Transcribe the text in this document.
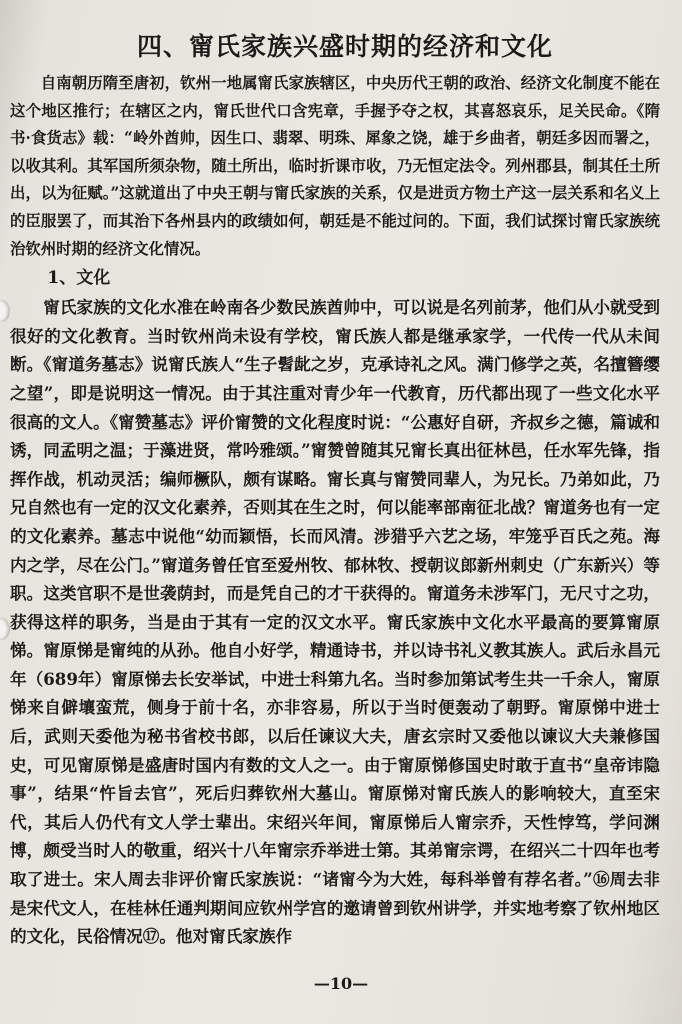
四、甯氏家族兴盛时期的经济和文化

自南朝历隋至唐初，钦州一地属甯氏家族辖区，中央历代王朝的政治、经济文化制度不能在这个地区推行；在辖区之内，甯氏世代口含宪章，手握予夺之权，其喜怒哀乐，足关民命。《隋书·食货志》载：“岭外酋帅，因生口、翡翠、明珠、犀象之饶，雄于乡曲者，朝廷多因而署之，以收其利。其军国所须杂物，随土所出，临时折课市收，乃无恒定法令。列州郡县，制其任土所出，以为征赋。”这就道出了中央王朝与甯氏家族的关系，仅是进贡方物土产这一层关系和名义上的臣服罢了，而其治下各州县内的政绩如何，朝廷是不能过问的。下面，我们试探讨甯氏家族统治钦州时期的经济文化情况。

1、文化

甯氏家族的文化水准在岭南各少数民族酋帅中，可以说是名列前茅，他们从小就受到很好的文化教育。当时钦州尚未设有学校，甯氏族人都是继承家学，一代传一代从未间断。《甯道务墓志》说甯氏族人“生子髫龀之岁，克承诗礼之风。满门修学之英，名擅簪缨之望”，即是说明这一情况。由于其注重对青少年一代教育，历代都出现了一些文化水平很高的文人。《甯赞墓志》评价甯赞的文化程度时说：“公惠好自研，齐叔乡之德，篇诚和诱，同孟明之温；于藻进贤，常吟雅颂。”甯赞曾随其兄甯长真出征林邑，任水军先锋，指挥作战，机动灵活；编师橛队，颇有谋略。甯长真与甯赞同辈人，为兄长。乃弟如此，乃兄自然也有一定的汉文化素养，否则其在生之时，何以能率部南征北战？甯道务也有一定的文化素养。墓志中说他“幼而颖悟，长而风清。涉猎乎六艺之场，牢笼乎百氏之苑。海内之学，尽在公门。”甯道务曾任官至爱州牧、郁林牧、授朝议郎新州刺史（广东新兴）等职。这类官职不是世袭荫封，而是凭自己的才干获得的。甯道务未涉军门，无尺寸之功，获得这样的职务，当是由于其有一定的汉文水平。甯氏家族中文化水平最高的要算甯原悌。甯原悌是甯纯的从孙。他自小好学，精通诗书，并以诗书礼义教其族人。武后永昌元年（689年）甯原悌去长安举试，中进士科第九名。当时参加第试考生共一千余人，甯原悌来自僻壤蛮荒，侧身于前十名，亦非容易，所以于当时便轰动了朝野。甯原悌中进士后，武则天委他为秘书省校书郎，以后任谏议大夫，唐玄宗时又委他以谏议大夫兼修国史，可见甯原悌是盛唐时国内有数的文人之一。由于甯原悌修国史时敢于直书“皇帝讳隐事”，结果“忤旨去官”，死后归葬钦州大墓山。甯原悌对甯氏族人的影响较大，直至宋代，其后人仍代有文人学士辈出。宋绍兴年间，甯原悌后人甯宗乔，天性悖笃，学问渊博，颇受当时人的敬重，绍兴十八年甯宗乔举进士第。其弟甯宗谔，在绍兴二十四年也考取了进士。宋人周去非评价甯氏家族说：“诸甯今为大姓，每科举曾有荐名者。”⑯周去非是宋代文人，在桂林任通判期间应钦州学宫的邀请曾到钦州讲学，并实地考察了钦州地区的文化，民俗情况⑰。他对甯氏家族作

—10—
